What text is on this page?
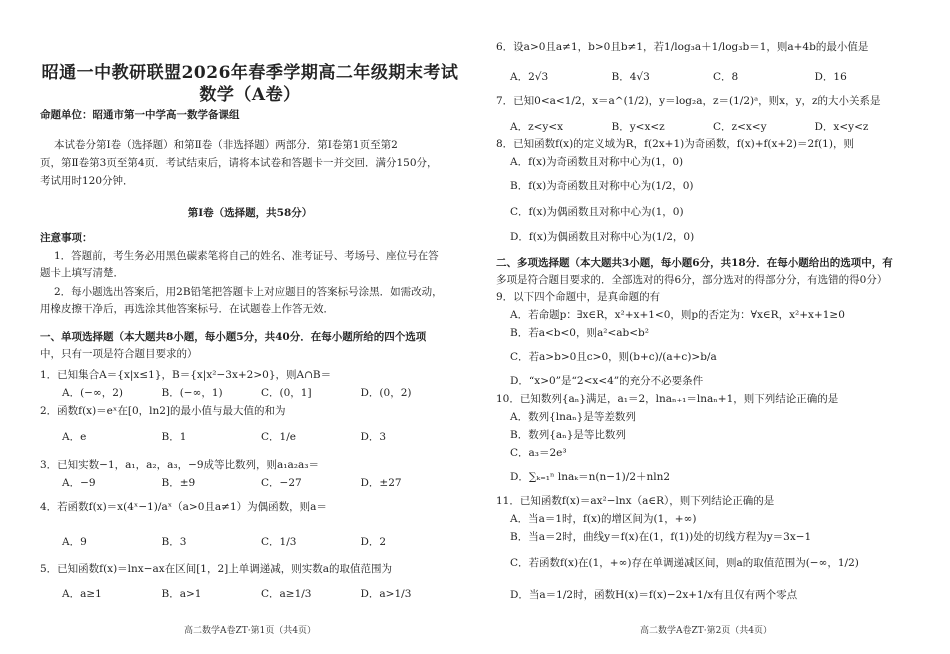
昭通一中教研联盟2026年春季学期高二年级期末考试
数学（A卷）
命题单位：昭通市第一中学高一数学备课组
本试卷分第Ⅰ卷（选择题）和第Ⅱ卷（非选择题）两部分．第Ⅰ卷第1页至第2
页，第Ⅱ卷第3页至第4页．考试结束后，请将本试卷和答题卡一并交回．满分150分，
考试用时120分钟．
第Ⅰ卷（选择题，共58分）
注意事项：
1．答题前，考生务必用黑色碳素笔将自己的姓名、准考证号、考场号、座位号在答
题卡上填写清楚．
2．每小题选出答案后，用2B铅笔把答题卡上对应题目的答案标号涂黑．如需改动，
用橡皮擦干净后，再选涂其他答案标号．在试题卷上作答无效．
一、单项选择题（本大题共8小题，每小题5分，共40分．在每小题所给的四个选项
中，只有一项是符合题目要求的）
1．已知集合A＝{x|x≤1}，B＝{x|x²−3x+2>0}，则A∩B＝
A．(−∞，2)	B．(−∞，1)	C．(0，1]	D．(0，2)
2．函数f(x)＝eˣ在[0，ln2]的最小值与最大值的和为
A．e	B．1	C．1/e	D．3
3．已知实数−1，a₁，a₂，a₃，−9成等比数列，则a₁a₂a₃＝
A．−9	B．±9	C．−27	D．±27
4．若函数f(x)＝x(4ˣ−1)/aˣ（a>0且a≠1）为偶函数，则a＝
A．9	B．3	C．1/3	D．2
5．已知函数f(x)＝lnx−ax在区间[1，2]上单调递减，则实数a的取值范围为
A．a≥1	B．a>1	C．a≥1/3	D．a>1/3
高二数学A卷ZT·第1页（共4页）
6．设a>0且a≠1，b>0且b≠1，若1/log₃a＋1/log₃b＝1，则a+4b的最小值是
A．2√3	B．4√3	C．8	D．16
7．已知0<a<1/2，x＝a^(1/2)，y＝log₂a，z＝(1/2)ᵃ，则x，y，z的大小关系是
A．z<y<x	B．y<x<z	C．z<x<y	D．x<y<z
8．已知函数f(x)的定义域为R，f(2x+1)为奇函数，f(x)+f(x+2)＝2f(1)，则
A．f(x)为奇函数且对称中心为(1，0)
B．f(x)为奇函数且对称中心为(1/2，0)
C．f(x)为偶函数且对称中心为(1，0)
D．f(x)为偶函数且对称中心为(1/2，0)
二、多项选择题（本大题共3小题，每小题6分，共18分．在每小题给出的选项中，有
多项是符合题目要求的．全部选对的得6分，部分选对的得部分分，有选错的得0分）
9．以下四个命题中，是真命题的有
A．若命题p：∃x∈R，x²+x+1<0，则p的否定为：∀x∈R，x²+x+1≥0
B．若a<b<0，则a²<ab<b²
C．若a>b>0且c>0，则(b+c)/(a+c)>b/a
D．“x>0”是“2<x<4”的充分不必要条件
10．已知数列{aₙ}满足，a₁＝2，lnaₙ₊₁＝lnaₙ+1，则下列结论正确的是
A．数列{lnaₙ}是等差数列
B．数列{aₙ}是等比数列
C．a₃＝2e³
D．∑ₖ₌₁ⁿ lnaₖ＝n(n−1)/2＋nln2
11．已知函数f(x)＝ax²−lnx（a∈R），则下列结论正确的是
A．当a＝1时，f(x)的增区间为(1，+∞)
B．当a＝2时，曲线y＝f(x)在(1，f(1))处的切线方程为y＝3x−1
C．若函数f(x)在(1，+∞)存在单调递减区间，则a的取值范围为(−∞，1/2)
D．当a＝1/2时，函数H(x)＝f(x)−2x+1/x有且仅有两个零点
高二数学A卷ZT·第2页（共4页）
